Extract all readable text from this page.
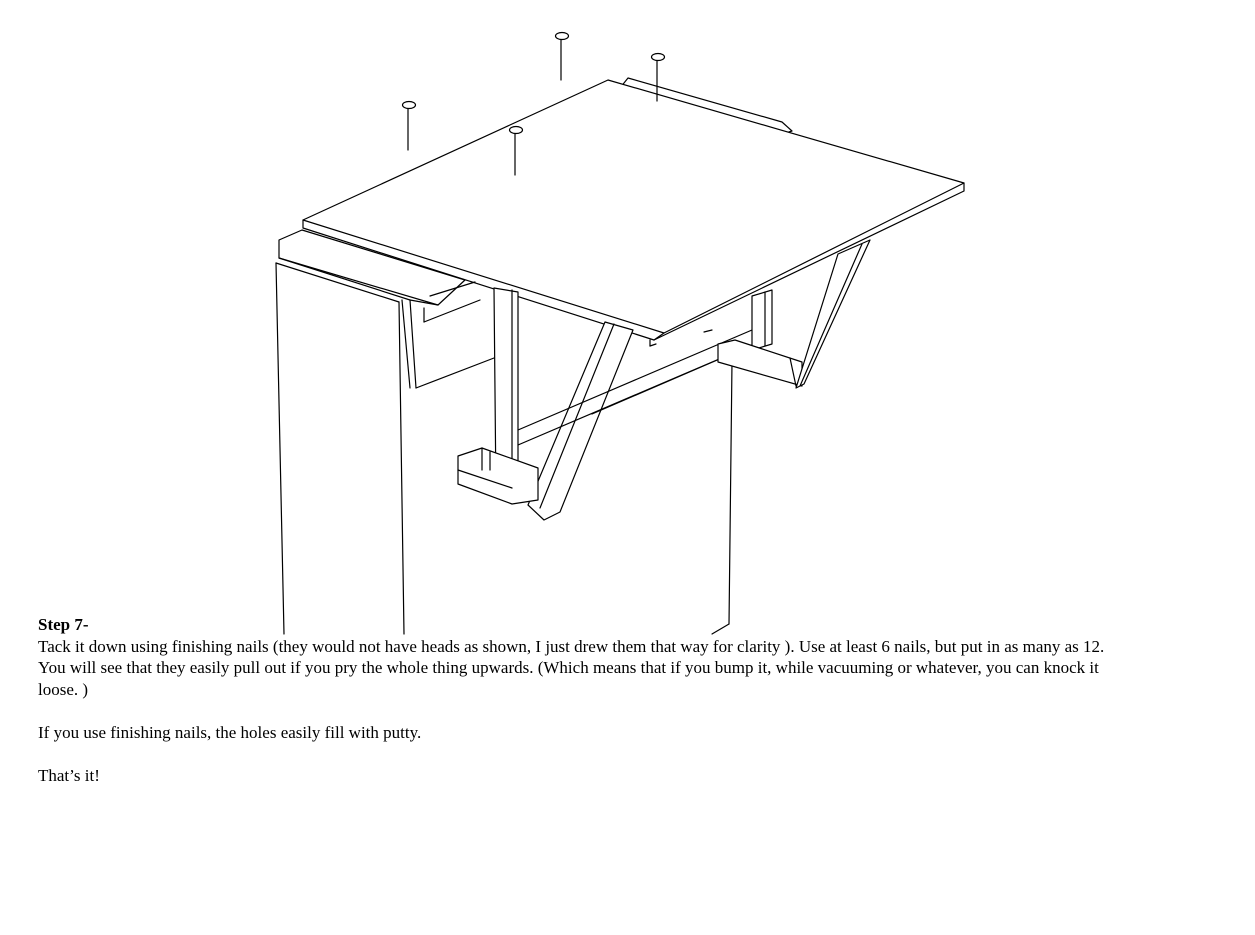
Step 7-
Tack it down using finishing nails (they would not have heads as shown, I just drew them that way for clarity ). Use at least 6 nails, but put in as many as 12. You will see that they easily pull out if you pry the whole thing upwards. (Which means that if you bump it, while vacuuming or whatever, you can knock it loose. )
If you use finishing nails, the holes easily fill with putty.
That’s it!
